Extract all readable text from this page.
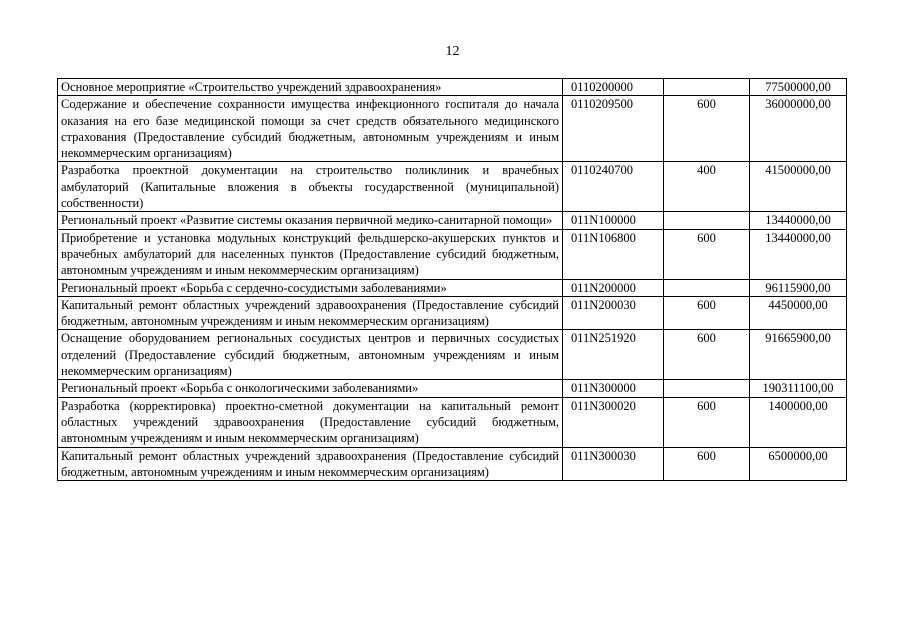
12
Основное мероприятие «Строительство учреждений здравоохранения»	0110200000		77500000,00
Содержание и обеспечение сохранности имущества инфекционного госпиталя до начала оказания на его базе медицинской помощи за счет средств обязательного медицинского страхования (Предоставление субсидий бюджетным, автономным учреждениям и иным некоммерческим организациям)	0110209500	600	36000000,00
Разработка проектной документации на строительство поликлиник и врачебных амбулаторий (Капитальные вложения в объекты государственной (муниципальной) собственности)	0110240700	400	41500000,00
Региональный проект «Развитие системы оказания первичной медико-санитарной помощи»	011N100000		13440000,00
Приобретение и установка модульных конструкций фельдшерско-акушерских пунктов и врачебных амбулаторий для населенных пунктов (Предоставление субсидий бюджетным, автономным учреждениям и иным некоммерческим организациям)	011N106800	600	13440000,00
Региональный проект «Борьба с сердечно-сосудистыми заболеваниями»	011N200000		96115900,00
Капитальный ремонт областных учреждений здравоохранения (Предоставление субсидий бюджетным, автономным учреждениям и иным некоммерческим организациям)	011N200030	600	4450000,00
Оснащение оборудованием региональных сосудистых центров и первичных сосудистых отделений (Предоставление субсидий бюджетным, автономным учреждениям и иным некоммерческим организациям)	011N251920	600	91665900,00
Региональный проект «Борьба с онкологическими заболеваниями»	011N300000		190311100,00
Разработка (корректировка) проектно-сметной документации на капитальный ремонт областных учреждений здравоохранения (Предоставление субсидий бюджетным, автономным учреждениям и иным некоммерческим организациям)	011N300020	600	1400000,00
Капитальный ремонт областных учреждений здравоохранения (Предоставление субсидий бюджетным, автономным учреждениям и иным некоммерческим организациям)	011N300030	600	6500000,00
